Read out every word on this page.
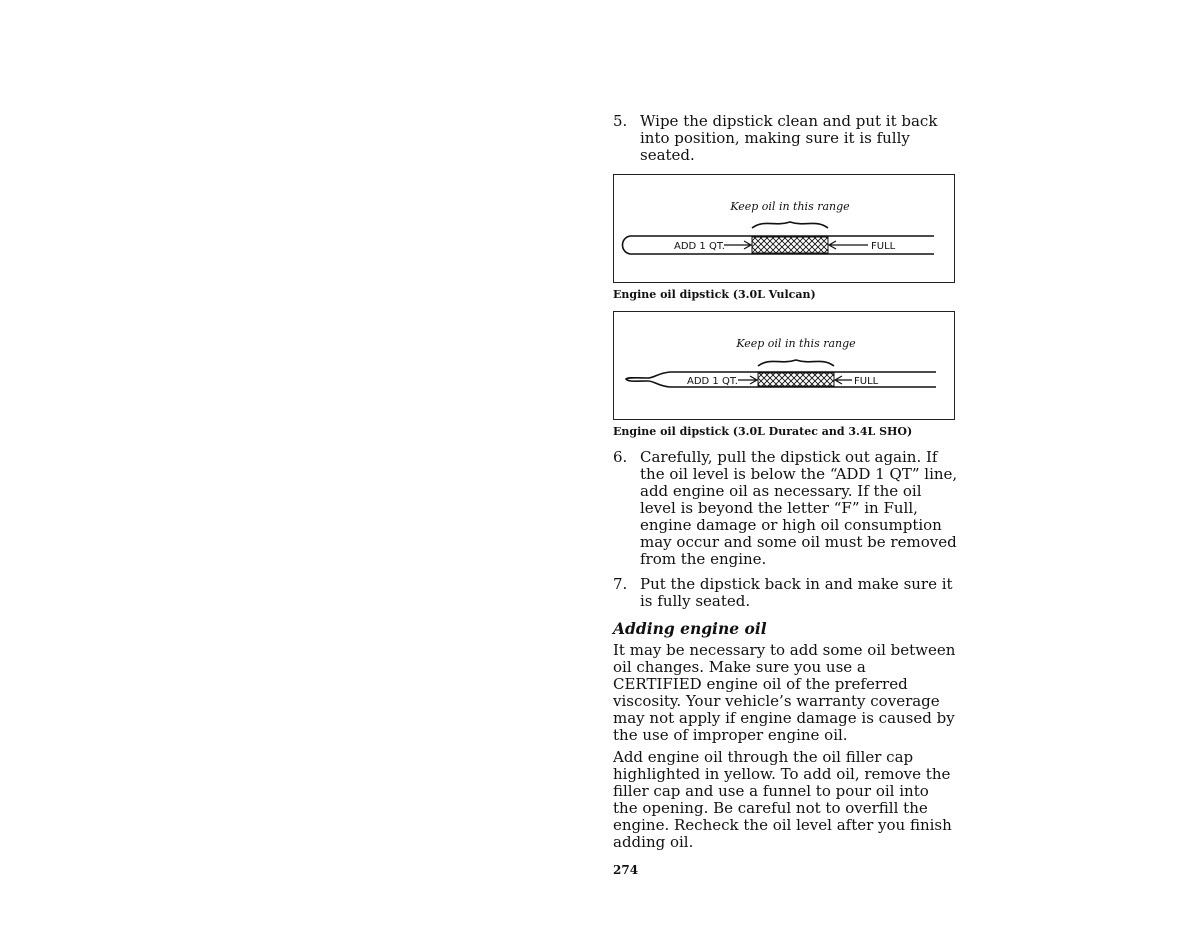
5. Wipe the dipstick clean and put it back into position, making sure it is fully seated.
Keep oil in this range
ADD 1 QT.	FULL
Engine oil dipstick (3.0L Vulcan)
Keep oil in this range
ADD 1 QT.	FULL
Engine oil dipstick (3.0L Duratec and 3.4L SHO)
6. Carefully, pull the dipstick out again. If the oil level is below the “ADD 1 QT” line, add engine oil as necessary. If the oil level is beyond the letter “F” in Full, engine damage or high oil consumption may occur and some oil must be removed from the engine.
7. Put the dipstick back in and make sure it is fully seated.
Adding engine oil

It may be necessary to add some oil between oil changes. Make sure you use a CERTIFIED engine oil of the preferred viscosity. Your vehicle’s warranty coverage may not apply if engine damage is caused by the use of improper engine oil.

Add engine oil through the oil filler cap highlighted in yellow. To add oil, remove the filler cap and use a funnel to pour oil into the opening. Be careful not to overfill the engine. Recheck the oil level after you finish adding oil.

274
